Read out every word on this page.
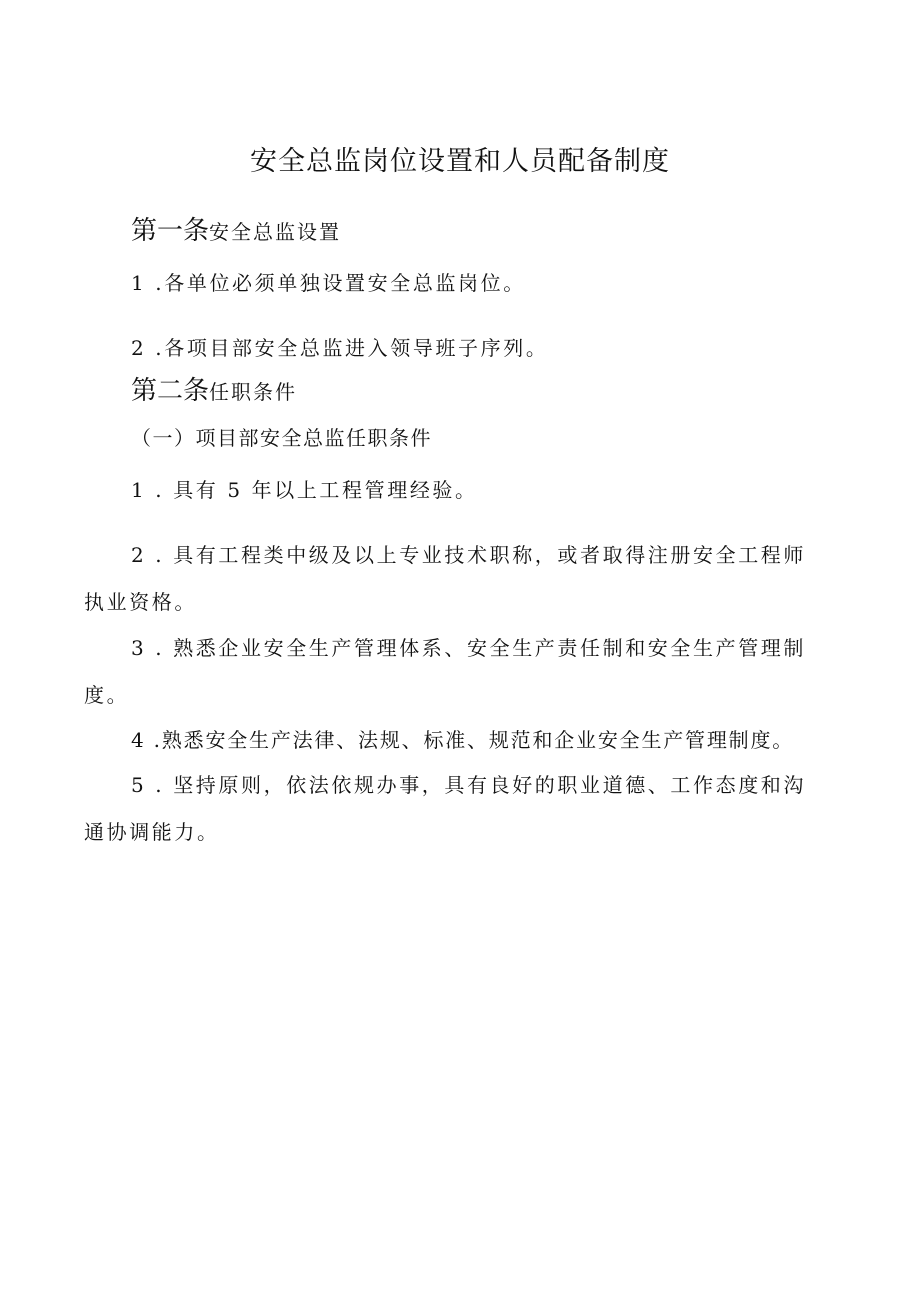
安全总监岗位设置和人员配备制度
第一条安全总监设置
1 .各单位必须单独设置安全总监岗位。
2 .各项目部安全总监进入领导班子序列。
第二条任职条件
（一）项目部安全总监任职条件
1 . 具有 5 年以上工程管理经验。
2 . 具有工程类中级及以上专业技术职称，或者取得注册安全工程师
执业资格。
3 . 熟悉企业安全生产管理体系、安全生产责任制和安全生产管理制
度。
4 .熟悉安全生产法律、法规、标准、规范和企业安全生产管理制度。
5 . 坚持原则，依法依规办事，具有良好的职业道德、工作态度和沟
通协调能力。
